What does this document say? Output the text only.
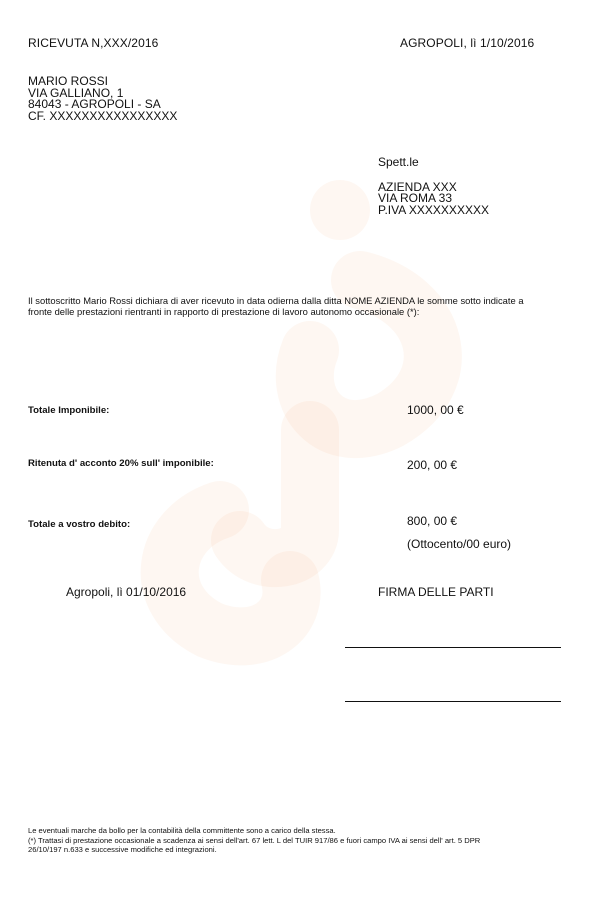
RICEVUTA N,XXX/2016	AGROPOLI, lì 1/10/2016
MARIO ROSSI
VIA GALLIANO, 1
84043 - AGROPOLI - SA
CF. XXXXXXXXXXXXXXXX
Spett.le
AZIENDA XXX
VIA ROMA 33
P.IVA XXXXXXXXXX
Il sottoscritto Mario Rossi dichiara di aver ricevuto in data odierna dalla ditta NOME AZIENDA le somme sotto indicate a
fronte delle prestazioni rientranti in rapporto di prestazione di lavoro autonomo occasionale (*):
Totale Imponibile:	1000, 00 €
Ritenuta d' acconto 20% sull' imponibile:	200, 00 €
Totale a vostro debito:	800, 00 €
(Ottocento/00 euro)
Agropoli, lì 01/10/2016	FIRMA DELLE PARTI
Le eventuali marche da bollo per la contabilità della committente sono a carico della stessa.
(*) Trattasi di prestazione occasionale a scadenza ai sensi dell'art. 67 lett. L del TUIR 917/86 e fuori campo IVA ai sensi dell' art. 5 DPR
26/10/197 n.633 e successive modifiche ed integrazioni.
